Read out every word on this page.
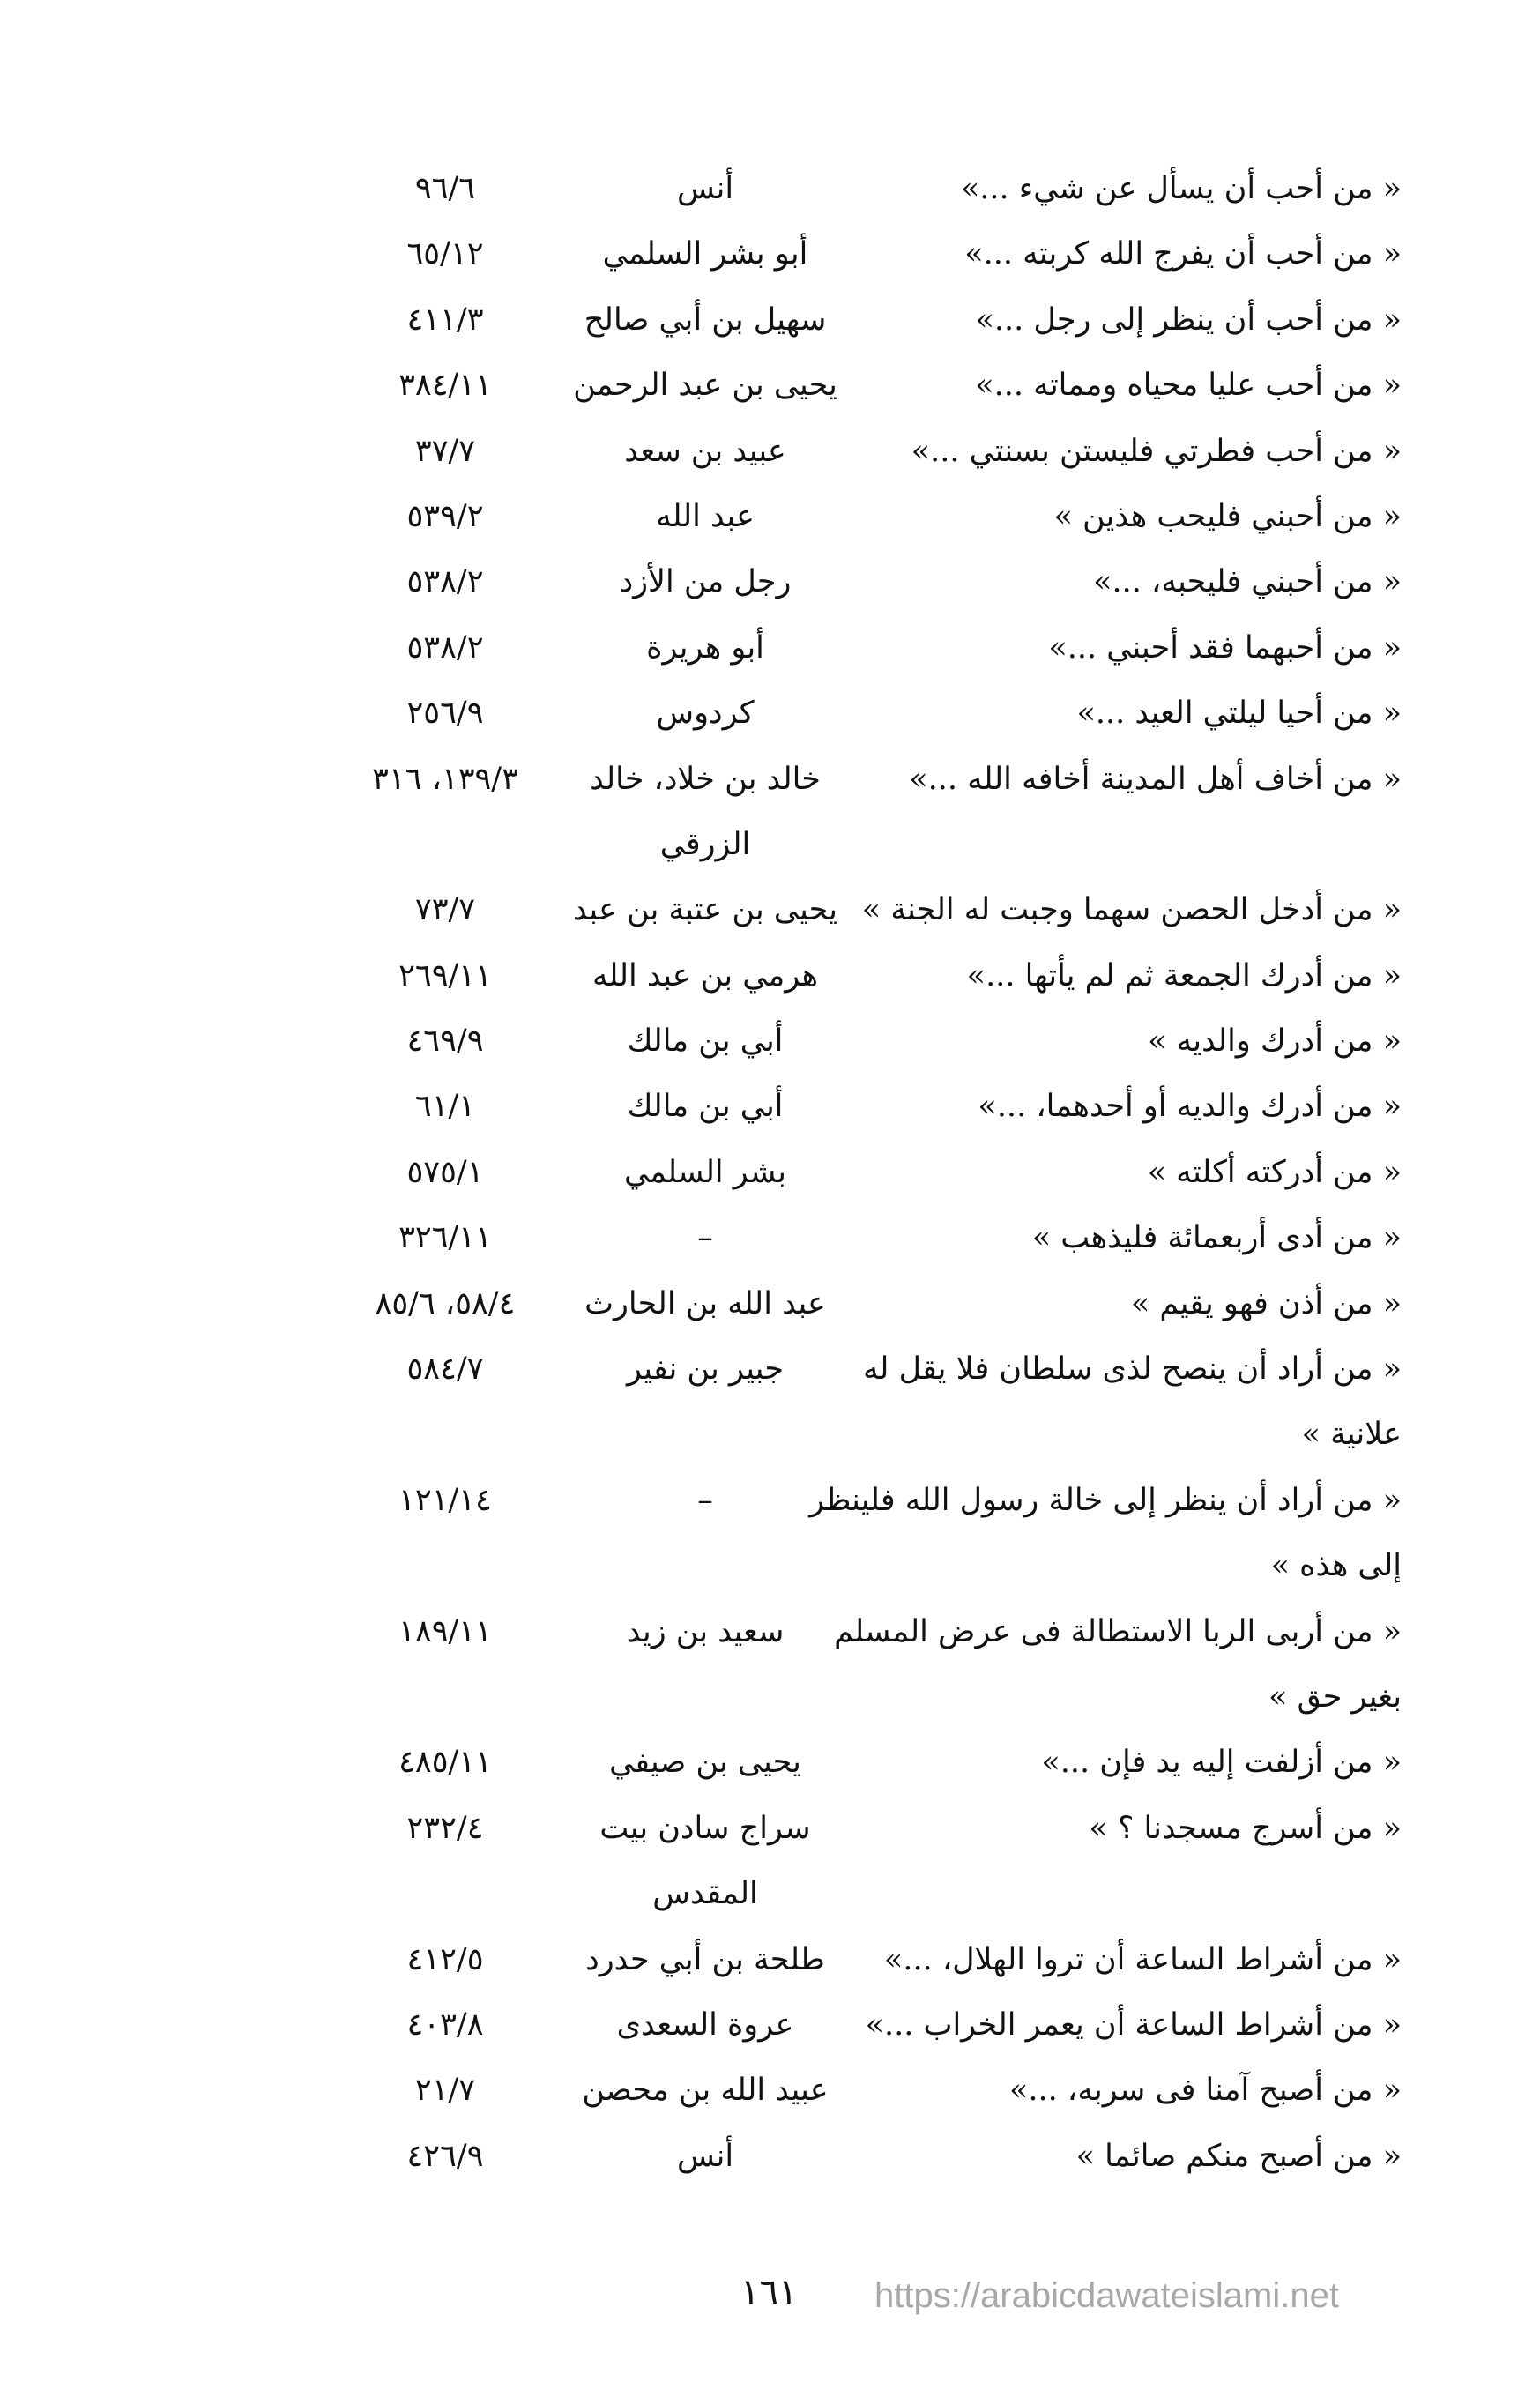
« من أحب أن يسأل عن شيء ...»
أنس
٩٦/٦
« من أحب أن يفرج الله كربته ...»
أبو بشر السلمي
٦٥/١٢
« من أحب أن ينظر إلى رجل ...»
سهيل بن أبي صالح
٤١١/٣
« من أحب عليا محياه ومماته ...»
يحيى بن عبد الرحمن
٣٨٤/١١
« من أحب فطرتي فليستن بسنتي ...»
عبيد بن سعد
٣٧/٧
« من أحبني فليحب هذين »
عبد الله
٥٣٩/٢
« من أحبني فليحبه، ...»
رجل من الأزد
٥٣٨/٢
« من أحبهما فقد أحبني ...»
أبو هريرة
٥٣٨/٢
« من أحيا ليلتي العيد ...»
كردوس
٢٥٦/٩
« من أخاف أهل المدينة أخافه الله ...»
خالد بن خلاد، خالد
١٣٩/٣، ٣١٦
الزرقي
« من أدخل الحصن سهما وجبت له الجنة »
يحيى بن عتبة بن عبد
٧٣/٧
« من أدرك الجمعة ثم لم يأتها ...»
هرمي بن عبد الله
٢٦٩/١١
« من أدرك والديه »
أبي بن مالك
٤٦٩/٩
« من أدرك والديه أو أحدهما، ...»
أبي بن مالك
٦١/١
« من أدركته أكلته »
بشر السلمي
٥٧٥/١
« من أدى أربعمائة فليذهب »
–
٣٢٦/١١
« من أذن فهو يقيم »
عبد الله بن الحارث
٥٨/٤، ٨٥/٦
« من أراد أن ينصح لذى سلطان فلا يقل له
جبير بن نفير
٥٨٤/٧
علانية »
« من أراد أن ينظر إلى خالة رسول الله فلينظر
–
١٢١/١٤
إلى هذه »
« من أربى الربا الاستطالة فى عرض المسلم
سعيد بن زيد
١٨٩/١١
بغير حق »
« من أزلفت إليه يد فإن ...»
يحيى بن صيفي
٤٨٥/١١
« من أسرج مسجدنا ؟ »
سراج سادن بيت
٢٣٢/٤
المقدس
« من أشراط الساعة أن تروا الهلال، ...»
طلحة بن أبي حدرد
٤١٢/٥
« من أشراط الساعة أن يعمر الخراب ...»
عروة السعدى
٤٠٣/٨
« من أصبح آمنا فى سربه، ...»
عبيد الله بن محصن
٢١/٧
« من أصبح منكم صائما »
أنس
٤٢٦/٩
١٦١ https://arabicdawateislami.net
